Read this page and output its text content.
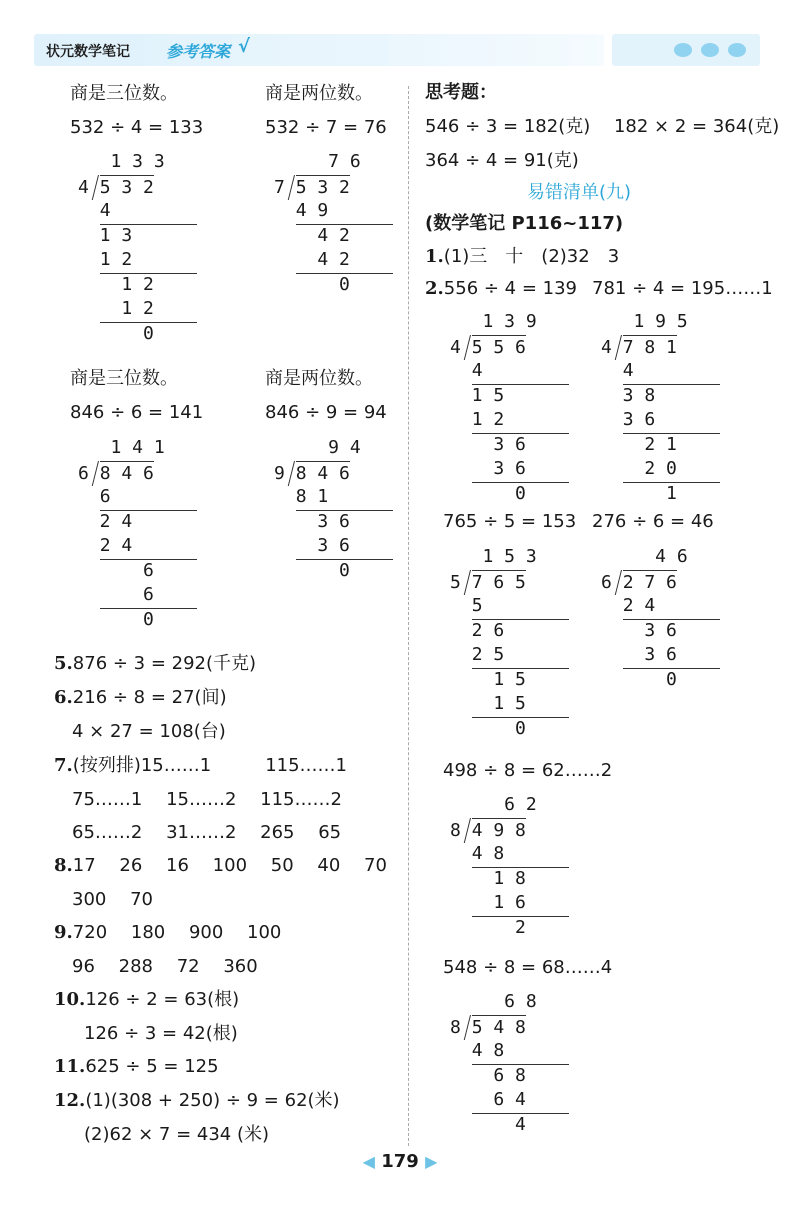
状元数学笔记 参考答案 √
商是三位数。	商是两位数。
532 ÷ 4 = 133	532 ÷ 7 = 76
1 3 3
4 5 3 2
4
1 3
1 2
1 2
1 2
0
7 6
7 5 3 2
4 9
4 2
4 2
0
商是三位数。	商是两位数。
846 ÷ 6 = 141	846 ÷ 9 = 94
1 4 1
6 8 4 6
6
2 4
2 4
6
6
0
9 4
9 8 4 6
8 1
3 6
3 6
0
5.876 ÷ 3 = 292(千克)
6.216 ÷ 8 = 27(间)
4 × 27 = 108(台)
7.(按列排)15……1　　　115……1
75……1　 15……2　 115……2
65……2　 31……2　 265　 65
8.17　 26　 16　 100　 50　 40　 70
300　 70
9.720　 180　 900　 100
96　 288　 72　 360
10.126 ÷ 2 = 63(根)
126 ÷ 3 = 42(根)
11.625 ÷ 5 = 125
12.(1)(308 + 250) ÷ 9 = 62(米)
(2)62 × 7 = 434 (米)
思考题：
546 ÷ 3 = 182(克)　 182 × 2 = 364(克)
364 ÷ 4 = 91(克)
易错清单(九)
(数学笔记 P116~117)
1.(1)三　十　(2)32　3
2.556 ÷ 4 = 139 781 ÷ 4 = 195……1
1 3 9
4 5 5 6
4
1 5
1 2
3 6
3 6
0
1 9 5
4 7 8 1
4
3 8
3 6
2 1
2 0
1
765 ÷ 5 = 153 276 ÷ 6 = 46
1 5 3
5 7 6 5
5
2 6
2 5
1 5
1 5
0
4 6
6 2 7 6
2 4
3 6
3 6
0
498 ÷ 8 = 62……2
6 2
8 4 9 8
4 8
1 8
1 6
2
548 ÷ 8 = 68……4
6 8
8 5 4 8
4 8
6 8
6 4
4
◀ 179 ▶
